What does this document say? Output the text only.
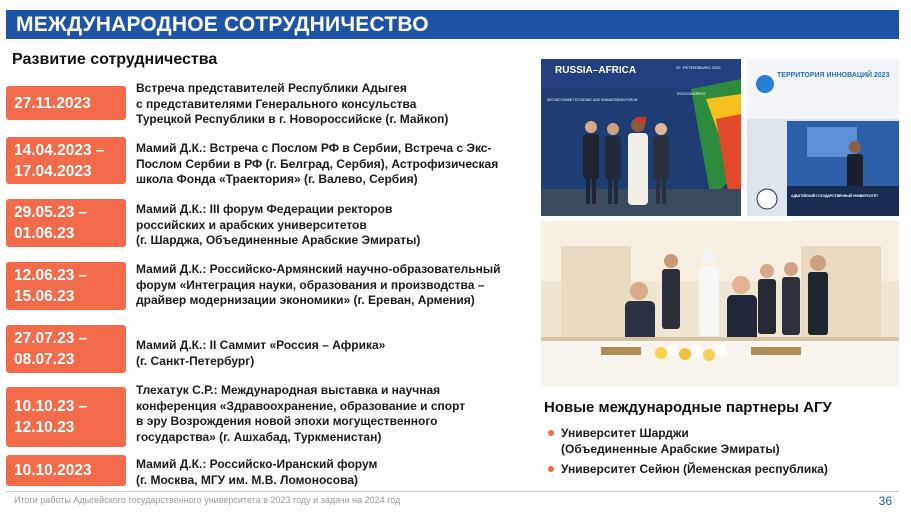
МЕЖДУНАРОДНОЕ СОТРУДНИЧЕСТВО
Развитие сотрудничества
27.11.2023
Встреча представителей Республики Адыгея
с представителями Генерального консульства
Турецкой Республики в г. Новороссийске (г. Майкоп)
14.04.2023 –
17.04.2023
Мамий Д.К.: Встреча с Послом РФ в Сербии, Встреча с Экс-
Послом Сербии в РФ (г. Белград, Сербия), Астрофизическая
школа Фонда «Траектория» (г. Валево, Сербия)
29.05.23 –
01.06.23
Мамий Д.К.: III форум Федерации ректоров
российских и арабских университетов
(г. Шарджа, Объединенные Арабские Эмираты)
12.06.23 –
15.06.23
Мамий Д.К.: Российско-Армянский научно-образовательный
форум «Интеграция науки, образования и производства –
драйвер модернизации экономики» (г. Ереван, Армения)
27.07.23 –
08.07.23
Мамий Д.К.: II Саммит «Россия – Африка»
(г. Санкт-Петербург)
10.10.23 –
12.10.23
Тлехатук С.Р.: Международная выставка и научная
конференция «Здравоохранение, образование и спорт
в эру Возрождения новой эпохи могущественного
государства» (г. Ашхабад, Туркменистан)
10.10.2023	Мамий Д.К.: Российско-Иранский форум
(г. Москва, МГУ им. М.В. Ломоносова)
RUSSIA–AFRICA	ST. PETERSBURG 2023
SECOND SUMMIT ECONOMIC AND HUMANITARIAN FORUM
ROSCONGRESS
ТЕРРИТОРИЯ ИННОВАЦИЙ 2023
АДЫГЕЙСКИЙ ГОСУДАРСТВЕННЫЙ УНИВЕРСИТЕТ
Новые международные партнеры АГУ
Университет Шарджи
(Объединенные Арабские Эмираты)
Университет Сейюн (Йеменская республика)
Итоги работы Адыгейского государственного университета в 2023 году и задачи на 2024 год	36
